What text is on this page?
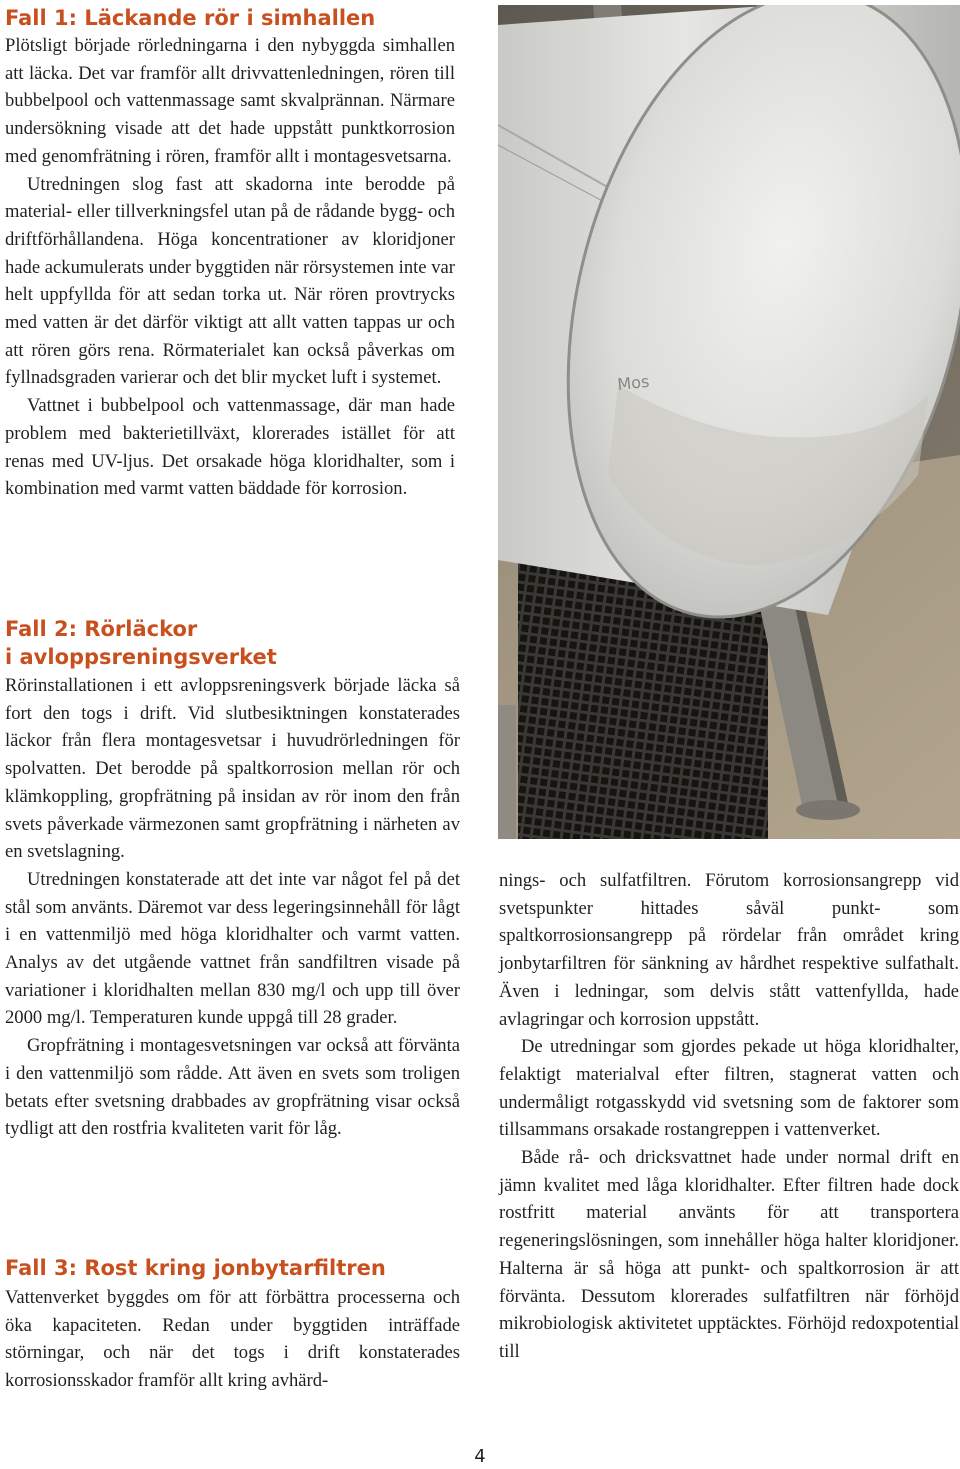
Fall 1: Läckande rör i simhallen

Plötsligt började rörledningarna i den nybyggda simhallen att läcka. Det var framför allt drivvattenledningen, rören till bubbelpool och vattenmassage samt skvalprännan. Närmare undersökning visade att det hade uppstått punktkorrosion med genomfrätning i rören, framför allt i montagesvetsarna.

Utredningen slog fast att skadorna inte berodde på material- eller tillverkningsfel utan på de rådande bygg- och driftförhållandena. Höga koncentrationer av kloridjoner hade ackumulerats under byggtiden när rörsystemen inte var helt uppfyllda för att sedan torka ut. När rören provtrycks med vatten är det därför viktigt att allt vatten tappas ur och att rören görs rena. Rörmaterialet kan också påverkas om fyllnadsgraden varierar och det blir mycket luft i systemet.

Vattnet i bubbelpool och vattenmassage, där man hade problem med bakterietillväxt, klorerades istället för att renas med UV-ljus. Det orsakade höga kloridhalter, som i kombination med varmt vatten bäddade för korrosion.

Fall 2: Rörläckor
i avloppsreningsverket

Rörinstallationen i ett avloppsreningsverk började läcka så fort den togs i drift. Vid slutbesiktningen konstaterades läckor från flera montagesvetsar i huvudrörledningen för spolvatten. Det berodde på spaltkorrosion mellan rör och klämkoppling, gropfrätning på insidan av rör inom den från svets påverkade värmezonen samt gropfrätning i närheten av en svetslagning.

Utredningen konstaterade att det inte var något fel på det stål som använts. Däremot var dess legeringsinnehåll för lågt i en vattenmiljö med höga kloridhalter och varmt vatten. Analys av det utgående vattnet från sandfiltren visade på variationer i kloridhalten mellan 830 mg/l och upp till över 2000 mg/l. Temperaturen kunde uppgå till 28 grader.

Gropfrätning i montagesvetsningen var också att förvänta i den vattenmiljö som rådde. Att även en svets som troligen betats efter svetsning drabbades av gropfrätning visar också tydligt att den rostfria kvaliteten varit för låg.

Fall 3: Rost kring jonbytarfiltren

Vattenverket byggdes om för att förbättra processerna och öka kapaciteten. Redan under byggtiden inträffade störningar, och när det togs i drift konstaterades korrosionsskador framför allt kring avhärd-

nings- och sulfatfiltren. Förutom korrosionsangrepp vid svetspunkter hittades såväl punkt- som spaltkorrosionsangrepp på rördelar från området kring jonbytarfiltren för sänkning av hårdhet respektive sulfathalt. Även i ledningar, som delvis stått vattenfyllda, hade avlagringar och korrosion uppstått.

De utredningar som gjordes pekade ut höga kloridhalter, felaktigt materialval efter filtren, stagnerat vatten och undermåligt rotgasskydd vid svetsning som de faktorer som tillsammans orsakade rostangreppen i vattenverket.

Både rå- och dricksvattnet hade under normal drift en jämn kvalitet med låga kloridhalter. Efter filtren hade dock rostfritt material använts för att transportera regeneringslösningen, som innehåller höga halter kloridjoner. Halterna är så höga att punkt- och spaltkorrosion är att förvänta. Dessutom klorerades sulfatfiltren när förhöjd mikrobiologisk aktivitetet upptäcktes. Förhöjd redoxpotential till

Mos
4
